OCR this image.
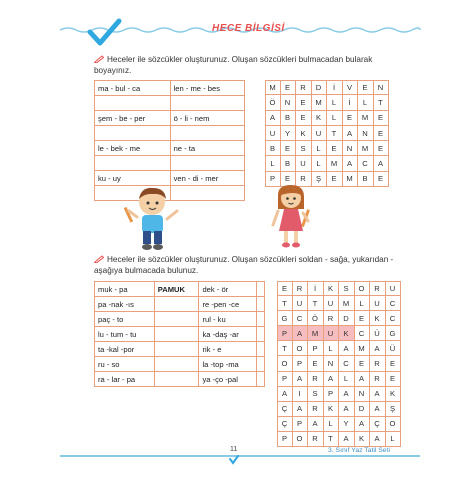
HECE BİLGİSİ
Heceler ile sözcükler oluşturunuz. Oluşan sözcükleri bulmacadan bularak boyayınız.
ma - bul - ca	len - me - bes

şem - be - per	ö - li - nem

le - bek - me	ne - ta

ku - uy	ven - di - mer

M	E	R	D	İ	V	E	N
Ö	N	E	M	L	İ	L	T
A	B	E	K	L	E	M	E
U	Y	K	U	T	A	N	E
B	E	S	L	E	N	M	E
L	B	U	L	M	A	C	A
P	E	R	Ş	E	M	B	E
Heceler ile sözcükler oluşturunuz. Oluşan sözcükleri soldan - sağa, yukarıdan - aşağıya bulmacada bulunuz.
muk - pa	PAMUK	dek - ör	
pa -nak -ıs		re -pen -ce	
paç - to		rul - ku	
lu - tum - tu		ka -daş -ar	
ta -kal -por		rik - e	
ru - so		la -top -ma	
ra - lar - pa		ya -ço -pal	
E	R	İ	K	S	O	R	U
T	U	T	U	M	L	U	C
G	C	Ö	R	D	E	K	C
P	A	M	U	K	C	Ü	G
T	O	P	L	A	M	A	Ü
O	P	E	N	C	E	R	E
P	A	R	A	L	A	R	E
A	I	S	P	A	N	A	K
Ç	A	R	K	A	D	A	Ş
Ç	P	A	L	Y	A	Ç	O
P	O	R	T	A	K	A	L
11	3. Sınıf Yaz Tatil Seti
